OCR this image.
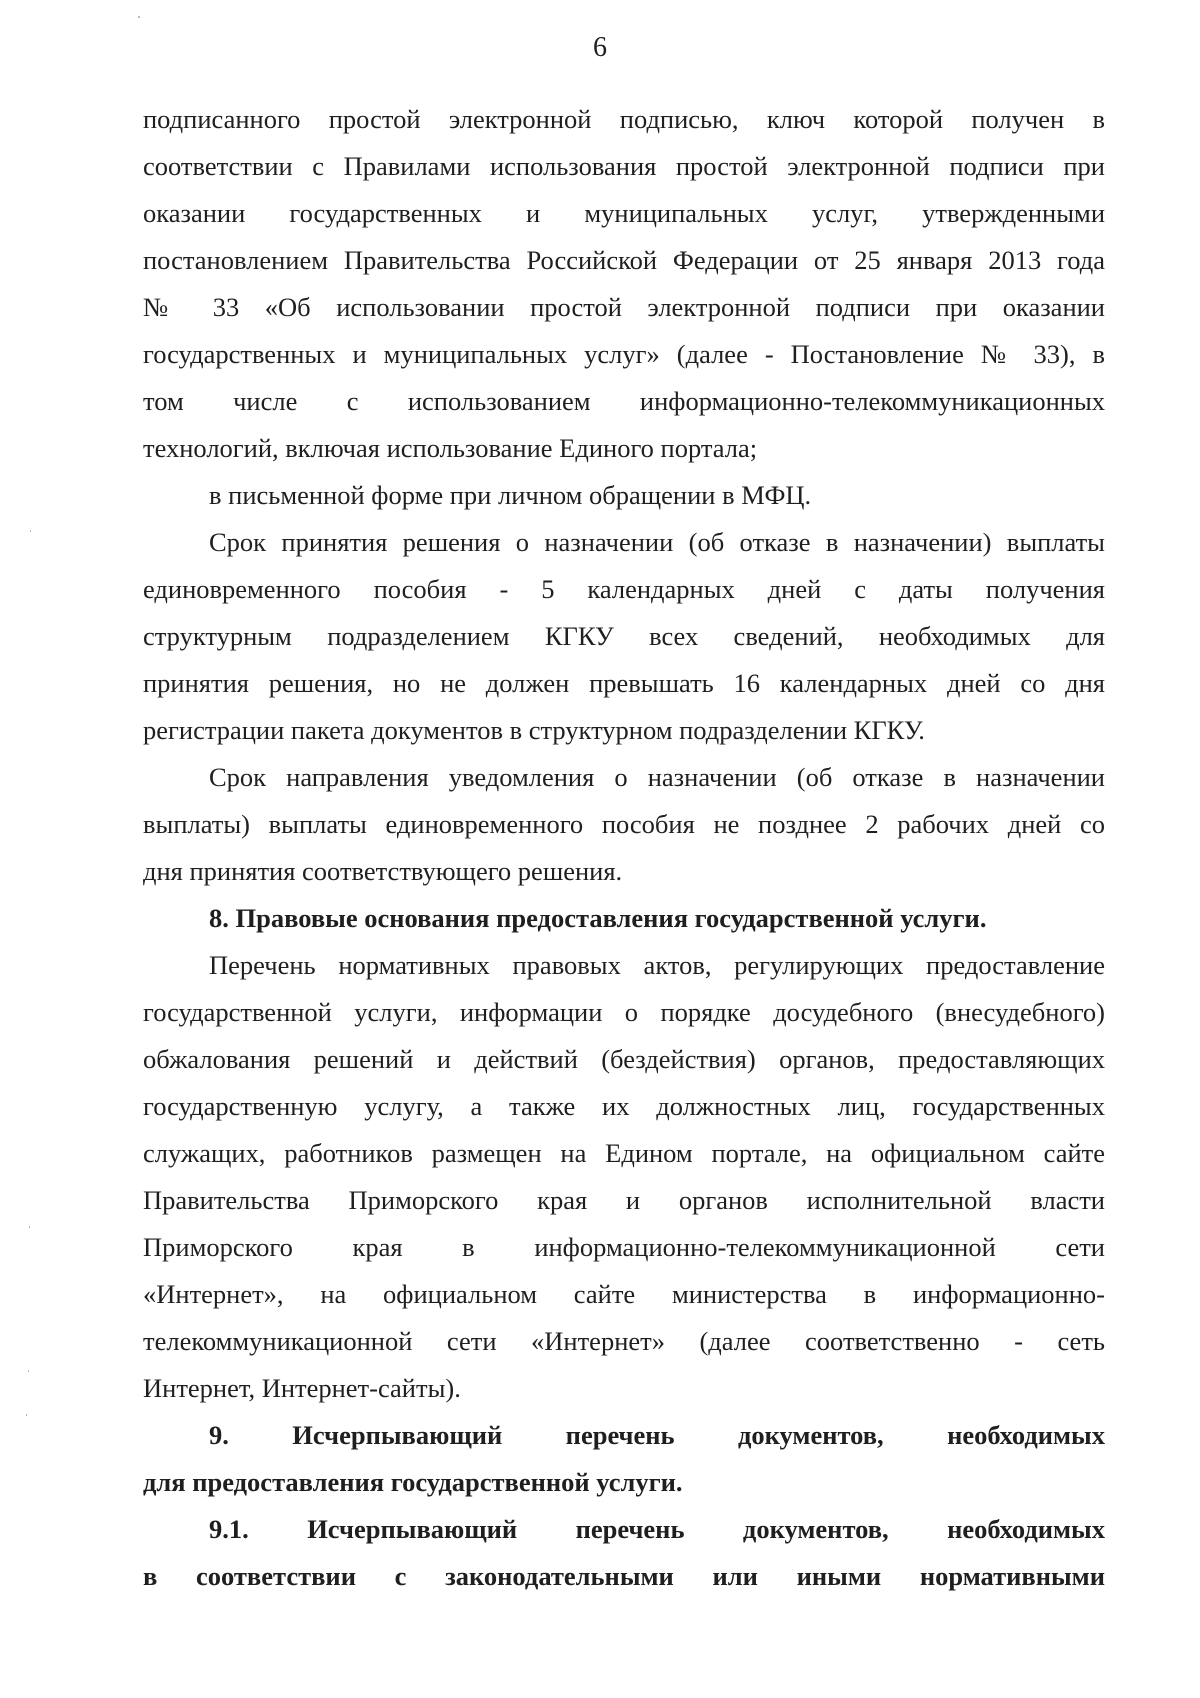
6

подписанного простой электронной подписью, ключ которой получен в
соответствии с Правилами использования простой электронной подписи при
оказании государственных и муниципальных услуг, утвержденными
постановлением Правительства Российской Федерации от 25 января 2013 года
№ 33 «Об использовании простой электронной подписи при оказании
государственных и муниципальных услуг» (далее - Постановление № 33), в
том числе с использованием информационно-телекоммуникационных
технологий, включая использование Единого портала;

в письменной форме при личном обращении в МФЦ.

Срок принятия решения о назначении (об отказе в назначении) выплаты
единовременного пособия - 5 календарных дней с даты получения
структурным подразделением КГКУ всех сведений, необходимых для
принятия решения, но не должен превышать 16 календарных дней со дня
регистрации пакета документов в структурном подразделении КГКУ.

Срок направления уведомления о назначении (об отказе в назначении
выплаты) выплаты единовременного пособия не позднее 2 рабочих дней со
дня принятия соответствующего решения.

8. Правовые основания предоставления государственной услуги.

Перечень нормативных правовых актов, регулирующих предоставление
государственной услуги, информации о порядке досудебного (внесудебного)
обжалования решений и действий (бездействия) органов, предоставляющих
государственную услугу, а также их должностных лиц, государственных
служащих, работников размещен на Едином портале, на официальном сайте
Правительства Приморского края и органов исполнительной власти
Приморского края в информационно-телекоммуникационной сети
«Интернет», на официальном сайте министерства в информационно-
телекоммуникационной сети «Интернет» (далее соответственно - сеть
Интернет, Интернет-сайты).

9. Исчерпывающий перечень документов, необходимых
для предоставления государственной услуги.

9.1. Исчерпывающий перечень документов, необходимых
в соответствии с законодательными или иными нормативными
